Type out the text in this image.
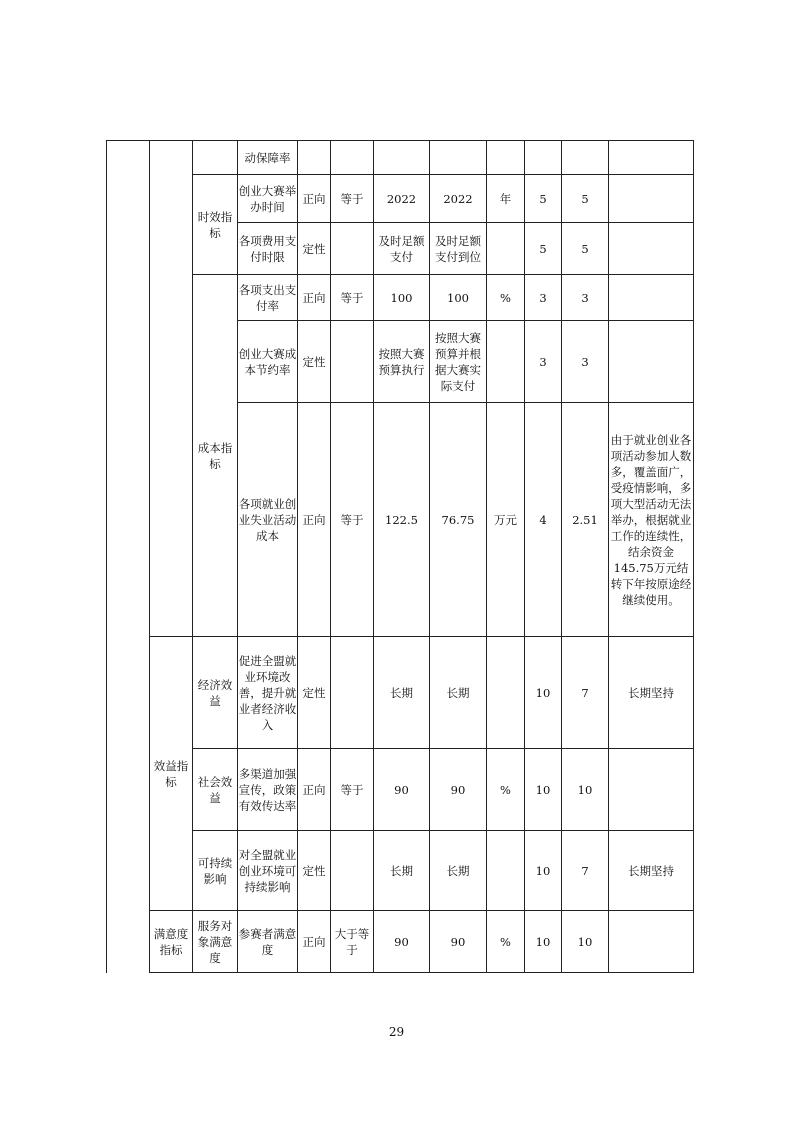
			动保障率								
		时效指标	创业大赛举办时间	正向	等于	2022	2022	年	5	5	
			各项费用支付时限	定性		及时足额支付	及时足额支付到位		5	5	
		成本指标	各项支出支付率	正向	等于	100	100	%	3	3	
			创业大赛成本节约率	定性		按照大赛预算执行	按照大赛预算并根据大赛实际支付		3	3	
			各项就业创业失业活动成本	正向	等于	122.5	76.75	万元	4	2.51	由于就业创业各项活动参加人数多，覆盖面广，受疫情影响，多项大型活动无法举办，根据就业工作的连续性，结余资金145.75万元结转下年按原途经继续使用。
	效益指标	经济效益	促进全盟就业环境改善，提升就业者经济收入	定性		长期	长期		10	7	长期坚持
		社会效益	多渠道加强宣传，政策有效传达率	正向	等于	90	90	%	10	10	
		可持续影响	对全盟就业创业环境可持续影响	定性		长期	长期		10	7	长期坚持
	满意度指标	服务对象满意度	参赛者满意度	正向	大于等于	90	90	%	10	10	
29
